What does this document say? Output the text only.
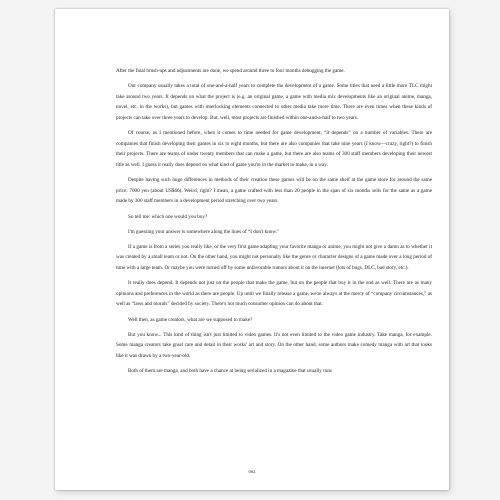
After the final brush-ups and adjustments are done, we spend around three to four months debugging the game.

Our company usually takes a total of one-and-a-half years to complete the development of a game. Some titles that need a little more TLC might take around two years. It depends on what the project is (e.g. an original game, a game with media mix developments like an original anime, manga, novel, etc. in the works), but games with interlocking elements connected to other media take more time. There are even times when these kinds of projects can take over three years to develop. But, well, most projects are finished within one-and-a-half to two years.

Of course, as I mentioned before, when it comes to time needed for game development, “it depends” on a number of variables. There are companies that finish developing their games in six to eight months, but there are also companies that take nine years (I know—crazy, right?) to finish their projects. There are teams of under twenty members that can make a game, but there are also teams of 300 staff members developing their newest title as well. I guess it really does depend on what kind of game you're in the market to make, in a way.

Despite having such huge differences in methods of their creation these games will be on the same shelf at the game store for around the same price: 7000 yen (about US$66). Weird, right? I mean, a game crafted with less than 20 people in the span of six months sells for the same as a game made by 300 staff members in a development period stretching over two years.

So tell me: which one would you buy?

I'm guessing your answer is somewhere along the lines of “I don't know.”

If a game is from a series you really like, or the very first game adapting your favorite manga or anime, you might not give a damn as to whether it was created by a small team or not. On the other hand, you might not personally like the genre or character designs of a game made over a long period of time with a large team. Or maybe you were turned off by some unfavorable rumors about it on the internet (lots of bugs, DLC, bad story, etc.).

It really does depend. It depends not just on the people that make the game, but on the people that buy it in the end as well. There are as many opinions and preferences in the world as there are people. Up until we finally release a game, we're always at the mercy of “company circumstances,” as well as “laws and morals” decided by society. There's not much consumer opinion can do about that.

Well then, as game creators, what are we supposed to make?

But you know... This kind of thing isn't just limited to video games. It's not even limited to the video game industry. Take manga, for example. Some manga creators take great care and detail in their works' art and story. On the other hand, some authors make comedy manga with art that looks like it was drawn by a two-year-old.

Both of them are manga, and both have a chance at being serialized in a magazine that usually runs

062
